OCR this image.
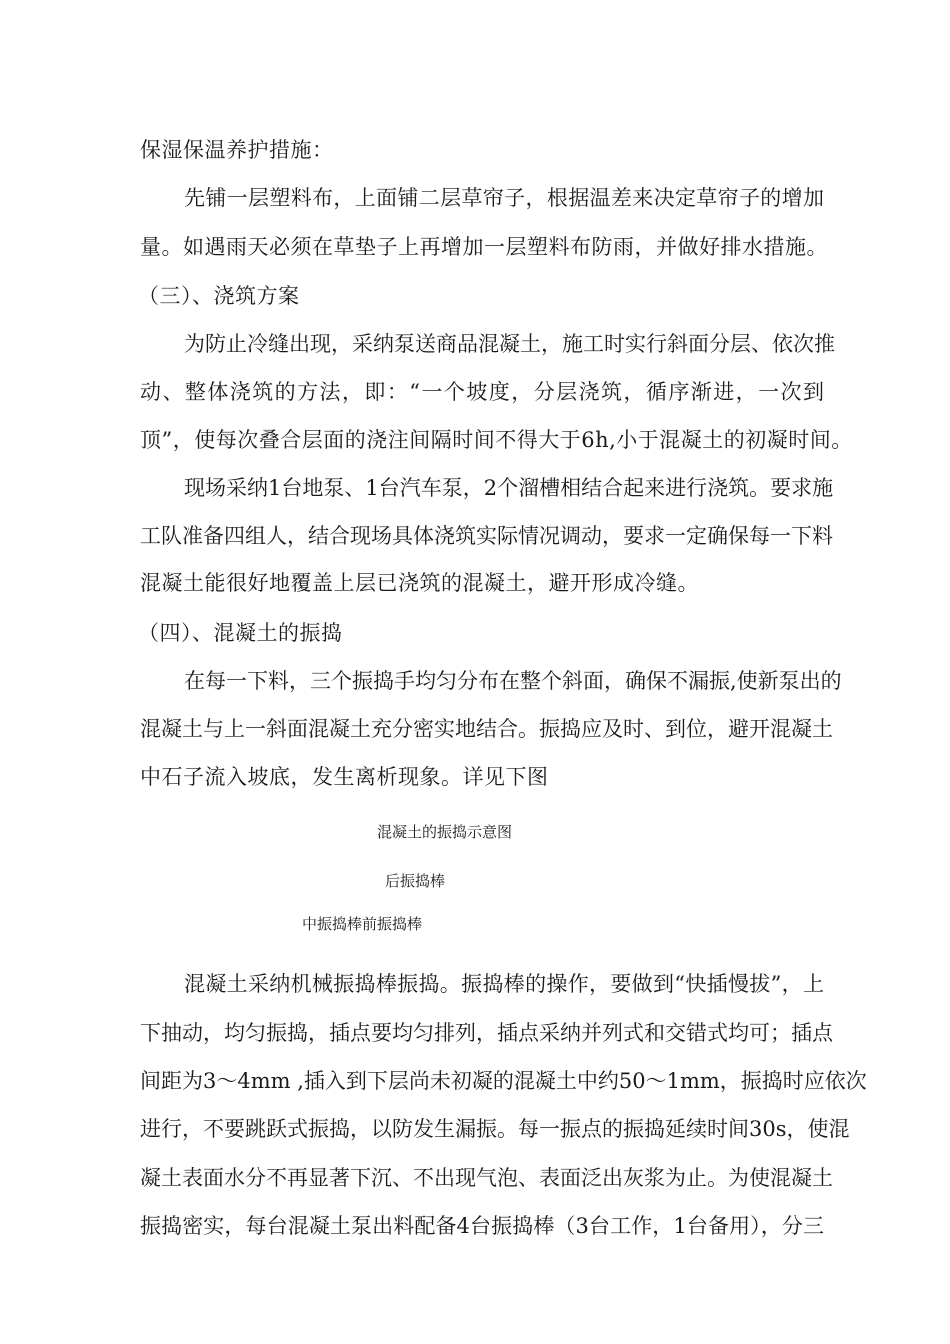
保湿保温养护措施：
先铺一层塑料布，上面铺二层草帘子，根据温差来决定草帘子的增加
量。如遇雨天必须在草垫子上再增加一层塑料布防雨，并做好排水措施。
（三）、浇筑方案
为防止冷缝出现，采纳泵送商品混凝土，施工时实行斜面分层、依次推
动、整体浇筑的方法，即：“一个坡度，分层浇筑，循序渐进，一次到
顶”，使每次叠合层面的浇注间隔时间不得大于6h,小于混凝土的初凝时间。
现场采纳1台地泵、1台汽车泵，2个溜槽相结合起来进行浇筑。要求施
工队准备四组人，结合现场具体浇筑实际情况调动，要求一定确保每一下料
混凝土能很好地覆盖上层已浇筑的混凝土，避开形成冷缝。
（四）、混凝土的振捣
在每一下料，三个振捣手均匀分布在整个斜面，确保不漏振,使新泵出的
混凝土与上一斜面混凝土充分密实地结合。振捣应及时、到位，避开混凝土
中石子流入坡底，发生离析现象。详见下图
混凝土的振捣示意图
后振捣棒
中振捣棒前振捣棒
混凝土采纳机械振捣棒振捣。振捣棒的操作，要做到“快插慢拔”，上
下抽动，均匀振捣，插点要均匀排列，插点采纳并列式和交错式均可；插点
间距为3〜4mm ,插入到下层尚未初凝的混凝土中约50〜1mm，振捣时应依次
进行，不要跳跃式振捣，以防发生漏振。每一振点的振捣延续时间30s，使混
凝土表面水分不再显著下沉、不出现气泡、表面泛出灰浆为止。为使混凝土
振捣密实，每台混凝土泵出料配备4台振捣棒（3台工作，1台备用），分三
